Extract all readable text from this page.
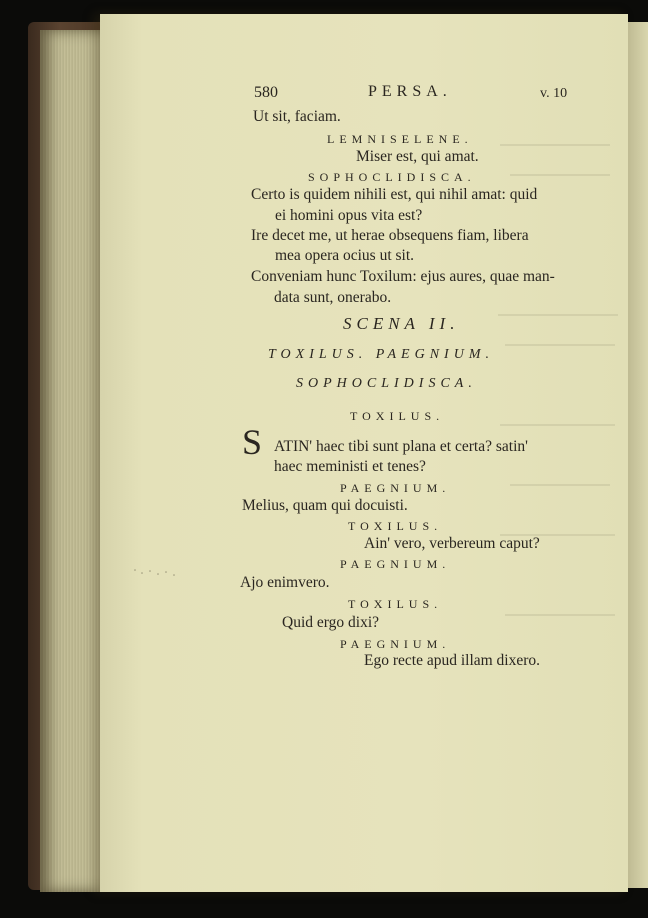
580	PERSA.	v. 10
Ut sit, faciam.
LEMNISELENE.
Miser est, qui amat.
SOPHOCLIDISCA.
Certo is quidem nihili est, qui nihil amat: quid
ei homini opus vita est?
Ire decet me, ut herae obsequens fiam, libera
mea opera ocius ut sit.
Conveniam hunc Toxilum: ejus aures, quae man-
data sunt, onerabo.
SCENA II.
TOXILUS. PAEGNIUM.
SOPHOCLIDISCA.
TOXILUS.
S ATIN' haec tibi sunt plana et certa? satin'
haec meministi et tenes?
PAEGNIUM.
Melius, quam qui docuisti.
TOXILUS.
Ain' vero, verbereum caput?
PAEGNIUM.
Ajo enimvero.
TOXILUS.
Quid ergo dixi?
PAEGNIUM.
Ego recte apud illam dixero.
